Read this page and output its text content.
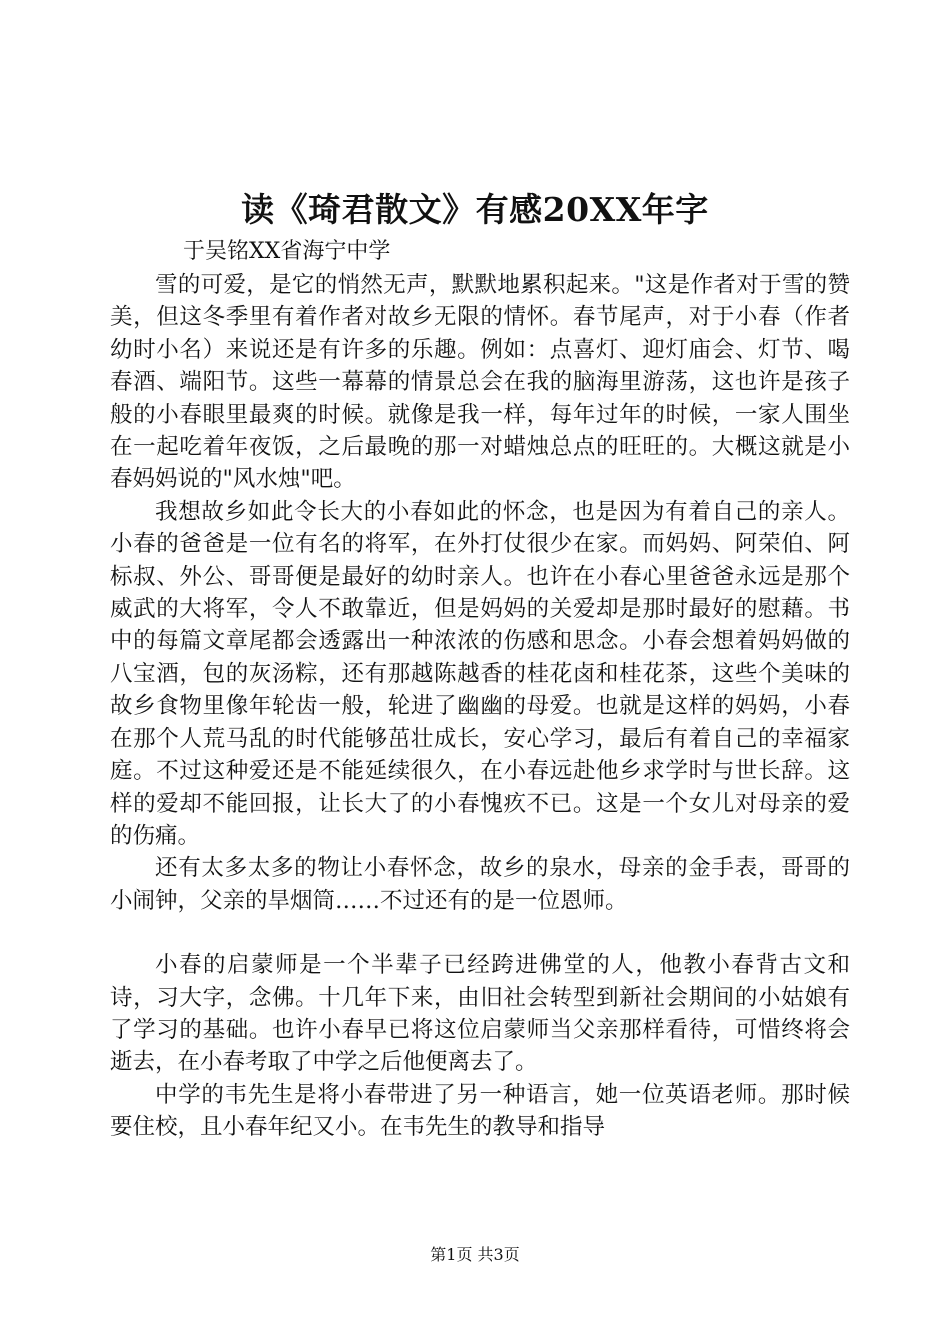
读《琦君散文》有感20XX年字
于吴铭XX省海宁中学

雪的可爱，是它的悄然无声，默默地累积起来。"这是作者对于雪的赞美，但这冬季里有着作者对故乡无限的情怀。春节尾声，对于小春（作者幼时小名）来说还是有许多的乐趣。例如：点喜灯、迎灯庙会、灯节、喝春酒、端阳节。这些一幕幕的情景总会在我的脑海里游荡，这也许是孩子般的小春眼里最爽的时候。就像是我一样，每年过年的时候，一家人围坐在一起吃着年夜饭，之后最晚的那一对蜡烛总点的旺旺的。大概这就是小春妈妈说的"风水烛"吧。

我想故乡如此令长大的小春如此的怀念，也是因为有着自己的亲人。小春的爸爸是一位有名的将军，在外打仗很少在家。而妈妈、阿荣伯、阿标叔、外公、哥哥便是最好的幼时亲人。也许在小春心里爸爸永远是那个威武的大将军，令人不敢靠近，但是妈妈的关爱却是那时最好的慰藉。书中的每篇文章尾都会透露出一种浓浓的伤感和思念。小春会想着妈妈做的八宝酒，包的灰汤粽，还有那越陈越香的桂花卤和桂花茶，这些个美味的故乡食物里像年轮齿一般，轮进了幽幽的母爱。也就是这样的妈妈，小春在那个人荒马乱的时代能够茁壮成长，安心学习，最后有着自己的幸福家庭。不过这种爱还是不能延续很久，在小春远赴他乡求学时与世长辞。这样的爱却不能回报，让长大了的小春愧疚不已。这是一个女儿对母亲的爱的伤痛。

还有太多太多的物让小春怀念，故乡的泉水，母亲的金手表，哥哥的小闹钟，父亲的旱烟筒……不过还有的是一位恩师。

小春的启蒙师是一个半辈子已经跨进佛堂的人，他教小春背古文和诗，习大字，念佛。十几年下来，由旧社会转型到新社会期间的小姑娘有了学习的基础。也许小春早已将这位启蒙师当父亲那样看待，可惜终将会逝去，在小春考取了中学之后他便离去了。

中学的韦先生是将小春带进了另一种语言，她一位英语老师。那时候要住校，且小春年纪又小。在韦先生的教导和指导

第1页 共3页
